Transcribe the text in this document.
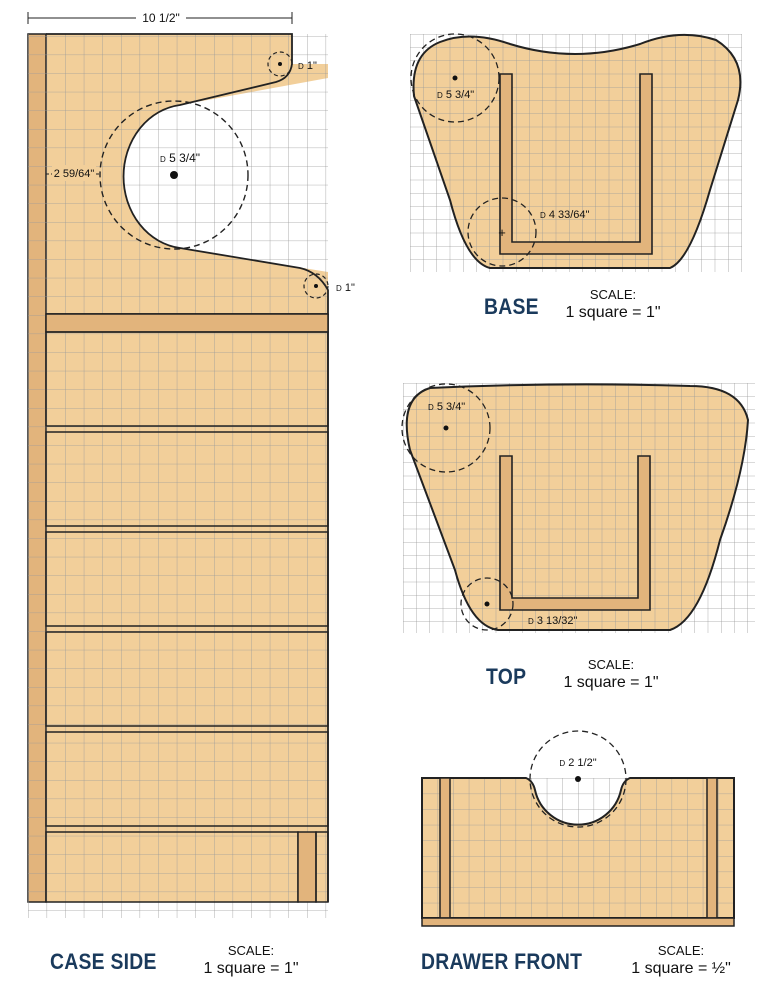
10 1/2"
2 59/64"
D 5 3/4"
D 1"
D 1"
+
D 5 3/4"
D 4 33/64"
D 5 3/4"
D 3 13/32"
D 2 1/2"
BASE	SCALE:
1 square = 1"
TOP	SCALE:
1 square = 1"
CASE SIDE	SCALE:
1 square = 1"	DRAWER FRONT	SCALE:
1 square = ½"
